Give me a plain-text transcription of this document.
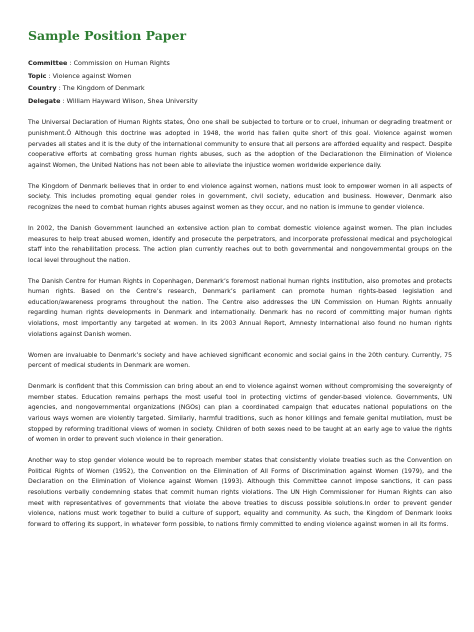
Sample Position Paper
Committee : Commission on Human Rights
Topic : Violence against Women
Country : The Kingdom of Denmark
Delegate : William Hayward Wilson, Shea University

The Universal Declaration of Human Rights states, Òno one shall be subjected to torture or to cruel, inhuman or degrading treatment or punishment.Ó Although this doctrine was adopted in 1948, the world has fallen quite short of this goal. Violence against women pervades all states and it is the duty of the international community to ensure that all persons are afforded equality and respect. Despite cooperative efforts at combating gross human rights abuses, such as the adoption of the Declarationon the Elimination of Violence against Women, the United Nations has not been able to alleviate the injustice women worldwide experience daily.

The Kingdom of Denmark believes that in order to end violence against women, nations must look to empower women in all aspects of society. This includes promoting equal gender roles in government, civil society, education and business. However, Denmark also recognizes the need to combat human rights abuses against women as they occur, and no nation is immune to gender violence.

In 2002, the Danish Government launched an extensive action plan to combat domestic violence against women. The plan includes measures to help treat abused women, identify and prosecute the perpetrators, and incorporate professional medical and psychological staff into the rehabilitation process. The action plan currently reaches out to both governmental and nongovernmental groups on the local level throughout the nation.

The Danish Centre for Human Rights in Copenhagen, Denmark’s foremost national human rights institution, also promotes and protects human rights. Based on the Centre’s research, Denmark’s parliament can promote human rights-based legislation and education/awareness programs throughout the nation. The Centre also addresses the UN Commission on Human Rights annually regarding human rights developments in Denmark and internationally. Denmark has no record of committing major human rights violations, most importantly any targeted at women. In its 2003 Annual Report, Amnesty International also found no human rights violations against Danish women.

Women are invaluable to Denmark’s society and have achieved significant economic and social gains in the 20th century. Currently, 75 percent of medical students in Denmark are women.

Denmark is confident that this Commission can bring about an end to violence against women without compromising the sovereignty of member states. Education remains perhaps the most useful tool in protecting victims of gender-based violence. Governments, UN agencies, and nongovernmental organizations (NGOs) can plan a coordinated campaign that educates national populations on the various ways women are violently targeted. Similarly, harmful traditions, such as honor killings and female genital mutilation, must be stopped by reforming traditional views of women in society. Children of both sexes need to be taught at an early age to value the rights of women in order to prevent such violence in their generation.

Another way to stop gender violence would be to reproach member states that consistently violate treaties such as the Convention on Political Rights of Women (1952), the Convention on the Elimination of All Forms of Discrimination against Women (1979), and the Declaration on the Elimination of Violence against Women (1993). Although this Committee cannot impose sanctions, it can pass resolutions verbally condemning states that commit human rights violations. The UN High Commissioner for Human Rights can also meet with representatives of governments that violate the above treaties to discuss possible solutions.In order to prevent gender violence, nations must work together to build a culture of support, equality and community. As such, the Kingdom of Denmark looks forward to offering its support, in whatever form possible, to nations firmly committed to ending violence against women in all its forms.
